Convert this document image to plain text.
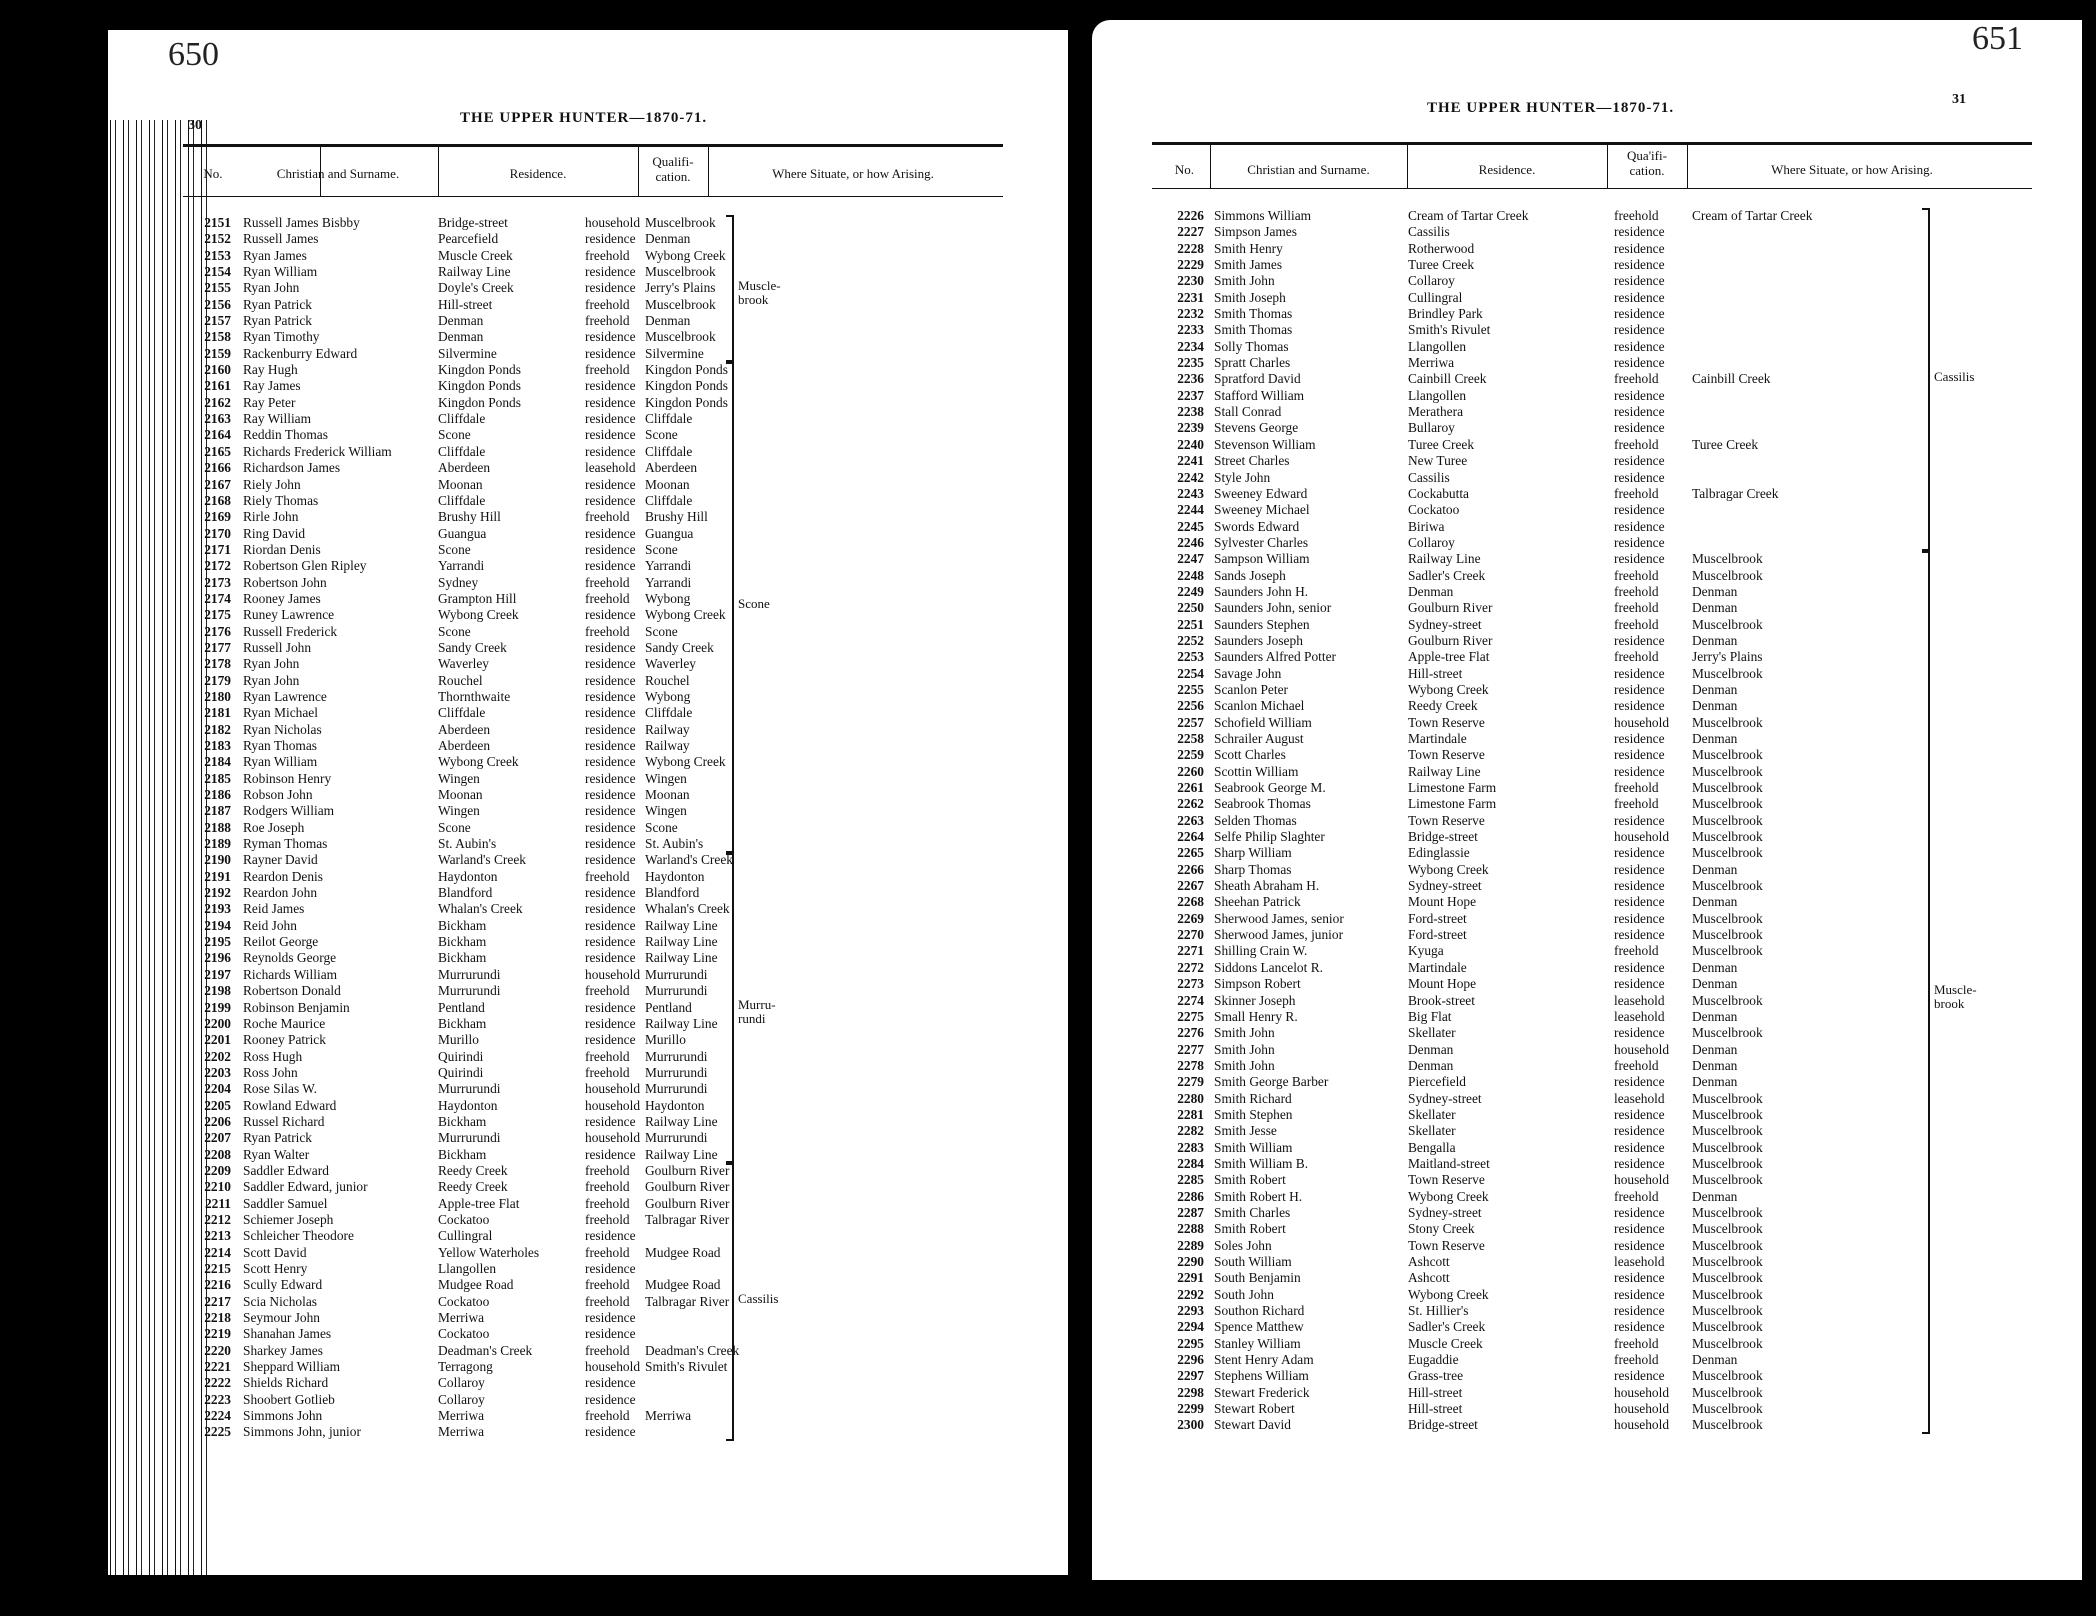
650
30	THE UPPER HUNTER—1870-71.
No.	Christian and Surname.	Residence.
Qualifi-
cation.	Where Situate, or how Arising.
2151 Russell James Bisbby	Bridge-street	household Muscelbrook
2152 Russell James	Pearcefield	residence Denman
2153 Ryan James	Muscle Creek	freehold	Wybong Creek
2154 Ryan William	Railway Line	residence Muscelbrook
2155 Ryan John	Doyle's Creek	residence Jerry's Plains
2156 Ryan Patrick	Hill-street	freehold	Muscelbrook
2157 Ryan Patrick	Denman	freehold	Denman
2158 Ryan Timothy	Denman	residence Muscelbrook
2159 Rackenburry Edward	Silvermine	residence Silvermine
2160 Ray Hugh	Kingdon Ponds	freehold	Kingdon Ponds
2161 Ray James	Kingdon Ponds	residence Kingdon Ponds
2162 Ray Peter	Kingdon Ponds	residence Kingdon Ponds
2163 Ray William	Cliffdale	residence Cliffdale
2164 Reddin Thomas	Scone	residence Scone
2165 Richards Frederick William	Cliffdale	residence Cliffdale
2166 Richardson James	Aberdeen	leasehold Aberdeen
2167 Riely John	Moonan	residence Moonan
2168 Riely Thomas	Cliffdale	residence Cliffdale
2169 Rirle John	Brushy Hill	freehold	Brushy Hill
2170 Ring David	Guangua	residence Guangua
2171 Riordan Denis	Scone	residence Scone
2172 Robertson Glen Ripley	Yarrandi	residence Yarrandi
2173 Robertson John	Sydney	freehold	Yarrandi
2174 Rooney James	Grampton Hill	freehold	Wybong
2175 Runey Lawrence	Wybong Creek	residence Wybong Creek
2176 Russell Frederick	Scone	freehold	Scone
2177 Russell John	Sandy Creek	residence Sandy Creek
2178 Ryan John	Waverley	residence Waverley
2179 Ryan John	Rouchel	residence Rouchel
2180 Ryan Lawrence	Thornthwaite	residence Wybong
2181 Ryan Michael	Cliffdale	residence Cliffdale
2182 Ryan Nicholas	Aberdeen	residence Railway
2183 Ryan Thomas	Aberdeen	residence Railway
2184 Ryan William	Wybong Creek	residence Wybong Creek
2185 Robinson Henry	Wingen	residence Wingen
2186 Robson John	Moonan	residence Moonan
2187 Rodgers William	Wingen	residence Wingen
2188 Roe Joseph	Scone	residence Scone
2189 Ryman Thomas	St. Aubin's	residence St. Aubin's
2190 Rayner David	Warland's Creek	residence Warland's Creek
2191 Reardon Denis	Haydonton	freehold	Haydonton
2192 Reardon John	Blandford	residence Blandford
2193 Reid James	Whalan's Creek	residence Whalan's Creek
2194 Reid John	Bickham	residence Railway Line
2195 Reilot George	Bickham	residence Railway Line
2196 Reynolds George	Bickham	residence Railway Line
2197 Richards William	Murrurundi	household Murrurundi
2198 Robertson Donald	Murrurundi	freehold	Murrurundi
2199 Robinson Benjamin	Pentland	residence Pentland
2200 Roche Maurice	Bickham	residence Railway Line
2201 Rooney Patrick	Murillo	residence Murillo
2202 Ross Hugh	Quirindi	freehold	Murrurundi
2203 Ross John	Quirindi	freehold	Murrurundi
2204 Rose Silas W.	Murrurundi	household Murrurundi
2205 Rowland Edward	Haydonton	household Haydonton
2206 Russel Richard	Bickham	residence Railway Line
2207 Ryan Patrick	Murrurundi	household Murrurundi
2208 Ryan Walter	Bickham	residence Railway Line
2209 Saddler Edward	Reedy Creek	freehold	Goulburn River
2210 Saddler Edward, junior	Reedy Creek	freehold	Goulburn River
2211 Saddler Samuel	Apple-tree Flat	freehold	Goulburn River
2212 Schiemer Joseph	Cockatoo	freehold	Talbragar River
2213 Schleicher Theodore	Cullingral	residence
2214 Scott David	Yellow Waterholes	freehold	Mudgee Road
2215 Scott Henry	Llangollen	residence
2216 Scully Edward	Mudgee Road	freehold	Mudgee Road
2217 Scia Nicholas	Cockatoo	freehold	Talbragar River
2218 Seymour John	Merriwa	residence
2219 Shanahan James	Cockatoo	residence
2220 Sharkey James	Deadman's Creek	freehold	Deadman's Creek
2221 Sheppard William	Terragong	household Smith's Rivulet
2222 Shields Richard	Collaroy	residence
2223 Shoobert Gotlieb	Collaroy	residence
2224 Simmons John	Merriwa	freehold	Merriwa
2225 Simmons John, junior	Merriwa	residence
Muscle-
brook
Scone
Murru-
rundi
Cassilis
651
31
THE UPPER HUNTER—1870-71.
No.	Christian and Surname.	Residence.
Qua'ifi-
cation.	Where Situate, or how Arising.
2226 Simmons William	Cream of Tartar Creek	freehold	Cream of Tartar Creek
2227 Simpson James	Cassilis	residence
2228 Smith Henry	Rotherwood	residence
2229 Smith James	Turee Creek	residence
2230 Smith John	Collaroy	residence
2231 Smith Joseph	Cullingral	residence
2232 Smith Thomas	Brindley Park	residence
2233 Smith Thomas	Smith's Rivulet	residence
2234 Solly Thomas	Llangollen	residence
2235 Spratt Charles	Merriwa	residence
2236 Spratford David	Cainbill Creek	freehold	Cainbill Creek
2237 Stafford William	Llangollen	residence
2238 Stall Conrad	Merathera	residence
2239 Stevens George	Bullaroy	residence
2240 Stevenson William	Turee Creek	freehold	Turee Creek
2241 Street Charles	New Turee	residence
2242 Style John	Cassilis	residence
2243 Sweeney Edward	Cockabutta	freehold	Talbragar Creek
2244 Sweeney Michael	Cockatoo	residence
2245 Swords Edward	Biriwa	residence
2246 Sylvester Charles	Collaroy	residence
2247 Sampson William	Railway Line	residence	Muscelbrook
2248 Sands Joseph	Sadler's Creek	freehold	Muscelbrook
2249 Saunders John H.	Denman	freehold	Denman
2250 Saunders John, senior	Goulburn River	freehold	Denman
2251 Saunders Stephen	Sydney-street	freehold	Muscelbrook
2252 Saunders Joseph	Goulburn River	residence	Denman
2253 Saunders Alfred Potter	Apple-tree Flat	freehold	Jerry's Plains
2254 Savage John	Hill-street	residence	Muscelbrook
2255 Scanlon Peter	Wybong Creek	residence	Denman
2256 Scanlon Michael	Reedy Creek	residence	Denman
2257 Schofield William	Town Reserve	household	Muscelbrook
2258 Schrailer August	Martindale	residence	Denman
2259 Scott Charles	Town Reserve	residence	Muscelbrook
2260 Scottin William	Railway Line	residence	Muscelbrook
2261 Seabrook George M.	Limestone Farm	freehold	Muscelbrook
2262 Seabrook Thomas	Limestone Farm	freehold	Muscelbrook
2263 Selden Thomas	Town Reserve	residence	Muscelbrook
2264 Selfe Philip Slaghter	Bridge-street	household	Muscelbrook
2265 Sharp William	Edinglassie	residence	Muscelbrook
2266 Sharp Thomas	Wybong Creek	residence	Denman
2267 Sheath Abraham H.	Sydney-street	residence	Muscelbrook
2268 Sheehan Patrick	Mount Hope	residence	Denman
2269 Sherwood James, senior	Ford-street	residence	Muscelbrook
2270 Sherwood James, junior	Ford-street	residence	Muscelbrook
2271 Shilling Crain W.	Kyuga	freehold	Muscelbrook
2272 Siddons Lancelot R.	Martindale	residence	Denman
2273 Simpson Robert	Mount Hope	residence	Denman
2274 Skinner Joseph	Brook-street	leasehold	Muscelbrook
2275 Small Henry R.	Big Flat	leasehold	Denman
2276 Smith John	Skellater	residence	Muscelbrook
2277 Smith John	Denman	household	Denman
2278 Smith John	Denman	freehold	Denman
2279 Smith George Barber	Piercefield	residence	Denman
2280 Smith Richard	Sydney-street	leasehold	Muscelbrook
2281 Smith Stephen	Skellater	residence	Muscelbrook
2282 Smith Jesse	Skellater	residence	Muscelbrook
2283 Smith William	Bengalla	residence	Muscelbrook
2284 Smith William B.	Maitland-street	residence	Muscelbrook
2285 Smith Robert	Town Reserve	household	Muscelbrook
2286 Smith Robert H.	Wybong Creek	freehold	Denman
2287 Smith Charles	Sydney-street	residence	Muscelbrook
2288 Smith Robert	Stony Creek	residence	Muscelbrook
2289 Soles John	Town Reserve	residence	Muscelbrook
2290 South William	Ashcott	leasehold	Muscelbrook
2291 South Benjamin	Ashcott	residence	Muscelbrook
2292 South John	Wybong Creek	residence	Muscelbrook
2293 Southon Richard	St. Hillier's	residence	Muscelbrook
2294 Spence Matthew	Sadler's Creek	residence	Muscelbrook
2295 Stanley William	Muscle Creek	freehold	Muscelbrook
2296 Stent Henry Adam	Eugaddie	freehold	Denman
2297 Stephens William	Grass-tree	residence	Muscelbrook
2298 Stewart Frederick	Hill-street	household	Muscelbrook
2299 Stewart Robert	Hill-street	household	Muscelbrook
2300 Stewart David	Bridge-street	household	Muscelbrook
Cassilis
Muscle-
brook
